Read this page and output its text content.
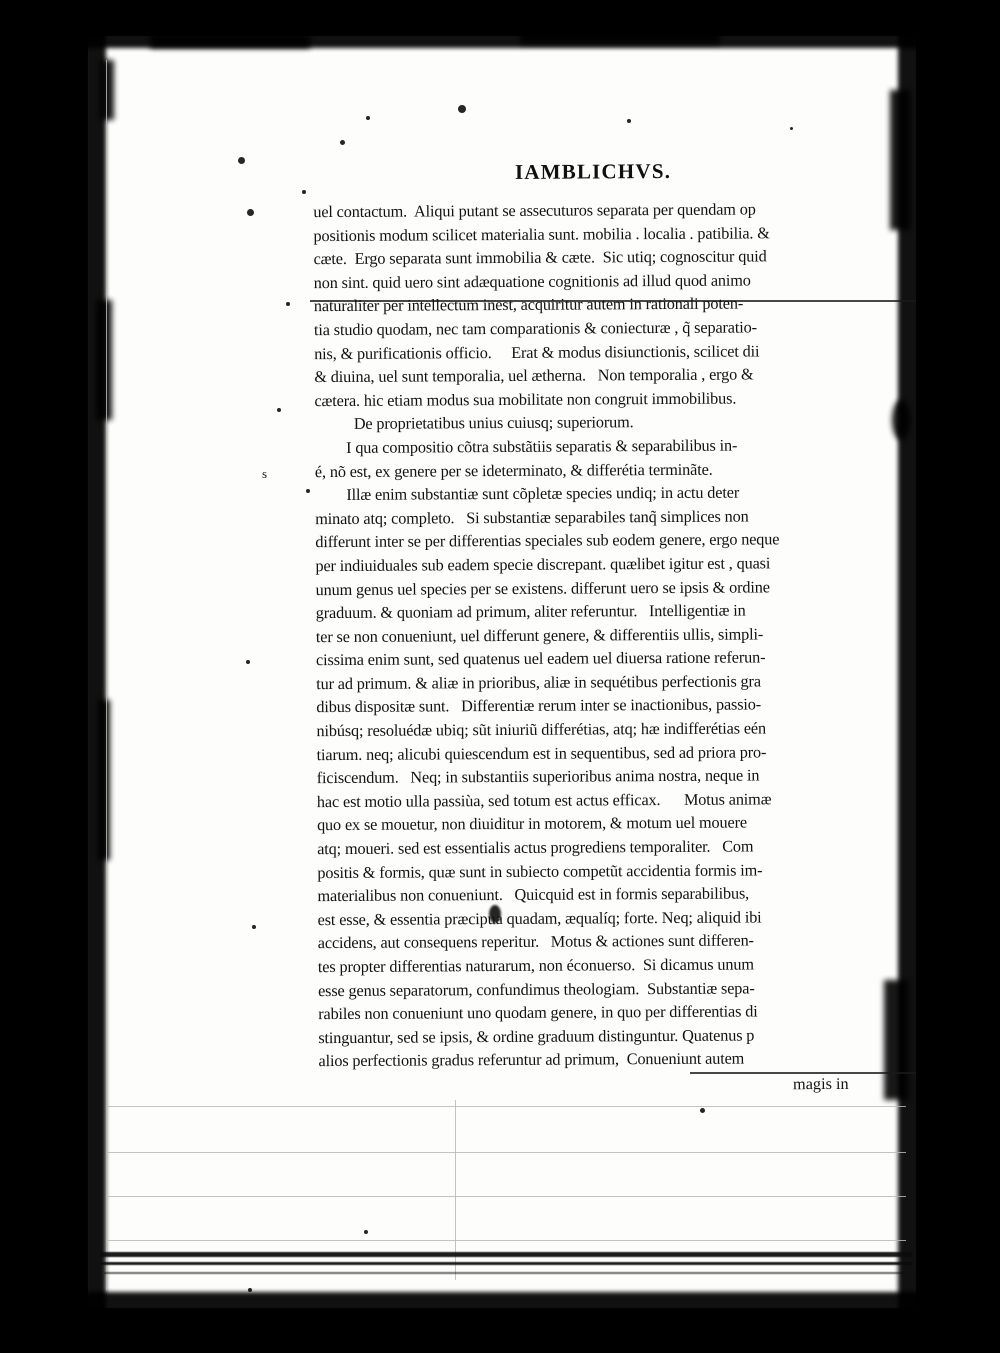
s
IAMBLICHVS.
uel contactum.  Aliqui putant se assecuturos separata per quendam op
positionis modum scilicet materialia sunt. mobilia . localia . patibilia. &
cæte.  Ergo separata sunt immobilia & cæte.  Sic utiq; cognoscitur quid
non sint. quid uero sint adæquatione cognitionis ad illud quod animo
naturaliter per intellectum inest, acquiritur autem in rationali poten-
tia studio quodam, nec tam comparationis & coniecturæ , q̃ separatio-
nis, & purificationis officio.     Erat & modus disiunctionis, scilicet dii
& diuina, uel sunt temporalia, uel ætherna.   Non temporalia , ergo &
cætera. hic etiam modus sua mobilitate non congruit immobilibus.
De proprietatibus unius cuiusq; superiorum.
I qua compositio cõtra substãtiis separatis & separabilibus in-
é, nõ est, ex genere per se ideterminato, & differétia terminãte.
Illæ enim substantiæ sunt cõpletæ species undiq; in actu deter
minato atq; completo.   Si substantiæ separabiles tanq̃ simplices non
differunt inter se per differentias speciales sub eodem genere, ergo neque
per indiuiduales sub eadem specie discrepant. quælibet igitur est , quasi
unum genus uel species per se existens. differunt uero se ipsis & ordine
graduum. & quoniam ad primum, aliter referuntur.   Intelligentiæ in
ter se non conueniunt, uel differunt genere, & differentiis ullis, simpli-
cissima enim sunt, sed quatenus uel eadem uel diuersa ratione referun-
tur ad primum. & aliæ in prioribus, aliæ in sequétibus perfectionis gra
dibus dispositæ sunt.   Differentiæ rerum inter se inactionibus, passio-
nibúsq; resoluédæ ubiq; sũt iniuriũ differétias, atq; hæ indifferétias eén
tiarum. neq; alicubi quiescendum est in sequentibus, sed ad priora pro-
ficiscendum.   Neq; in substantiis superioribus anima nostra, neque in
hac est motio ulla passiùa, sed totum est actus efficax.      Motus animæ
quo ex se mouetur, non diuiditur in motorem, & motum uel mouere
atq; moueri. sed est essentialis actus progrediens temporaliter.   Com
positis & formis, quæ sunt in subiecto competũt accidentia formis im-
materialibus non conueniunt.   Quicquid est in formis separabilibus,
est esse, & essentia præcipua quadam, æqualíq; forte. Neq; aliquid ibi
accidens, aut consequens reperitur.   Motus & actiones sunt differen-
tes propter differentias naturarum, non éconuerso.  Si dicamus unum
esse genus separatorum, confundimus theologiam.  Substantiæ sepa-
rabiles non conueniunt uno quodam genere, in quo per differentias di
stinguantur, sed se ipsis, & ordine graduum distinguntur. Quatenus p
alios perfectionis gradus referuntur ad primum,  Conueniunt autem
magis in
